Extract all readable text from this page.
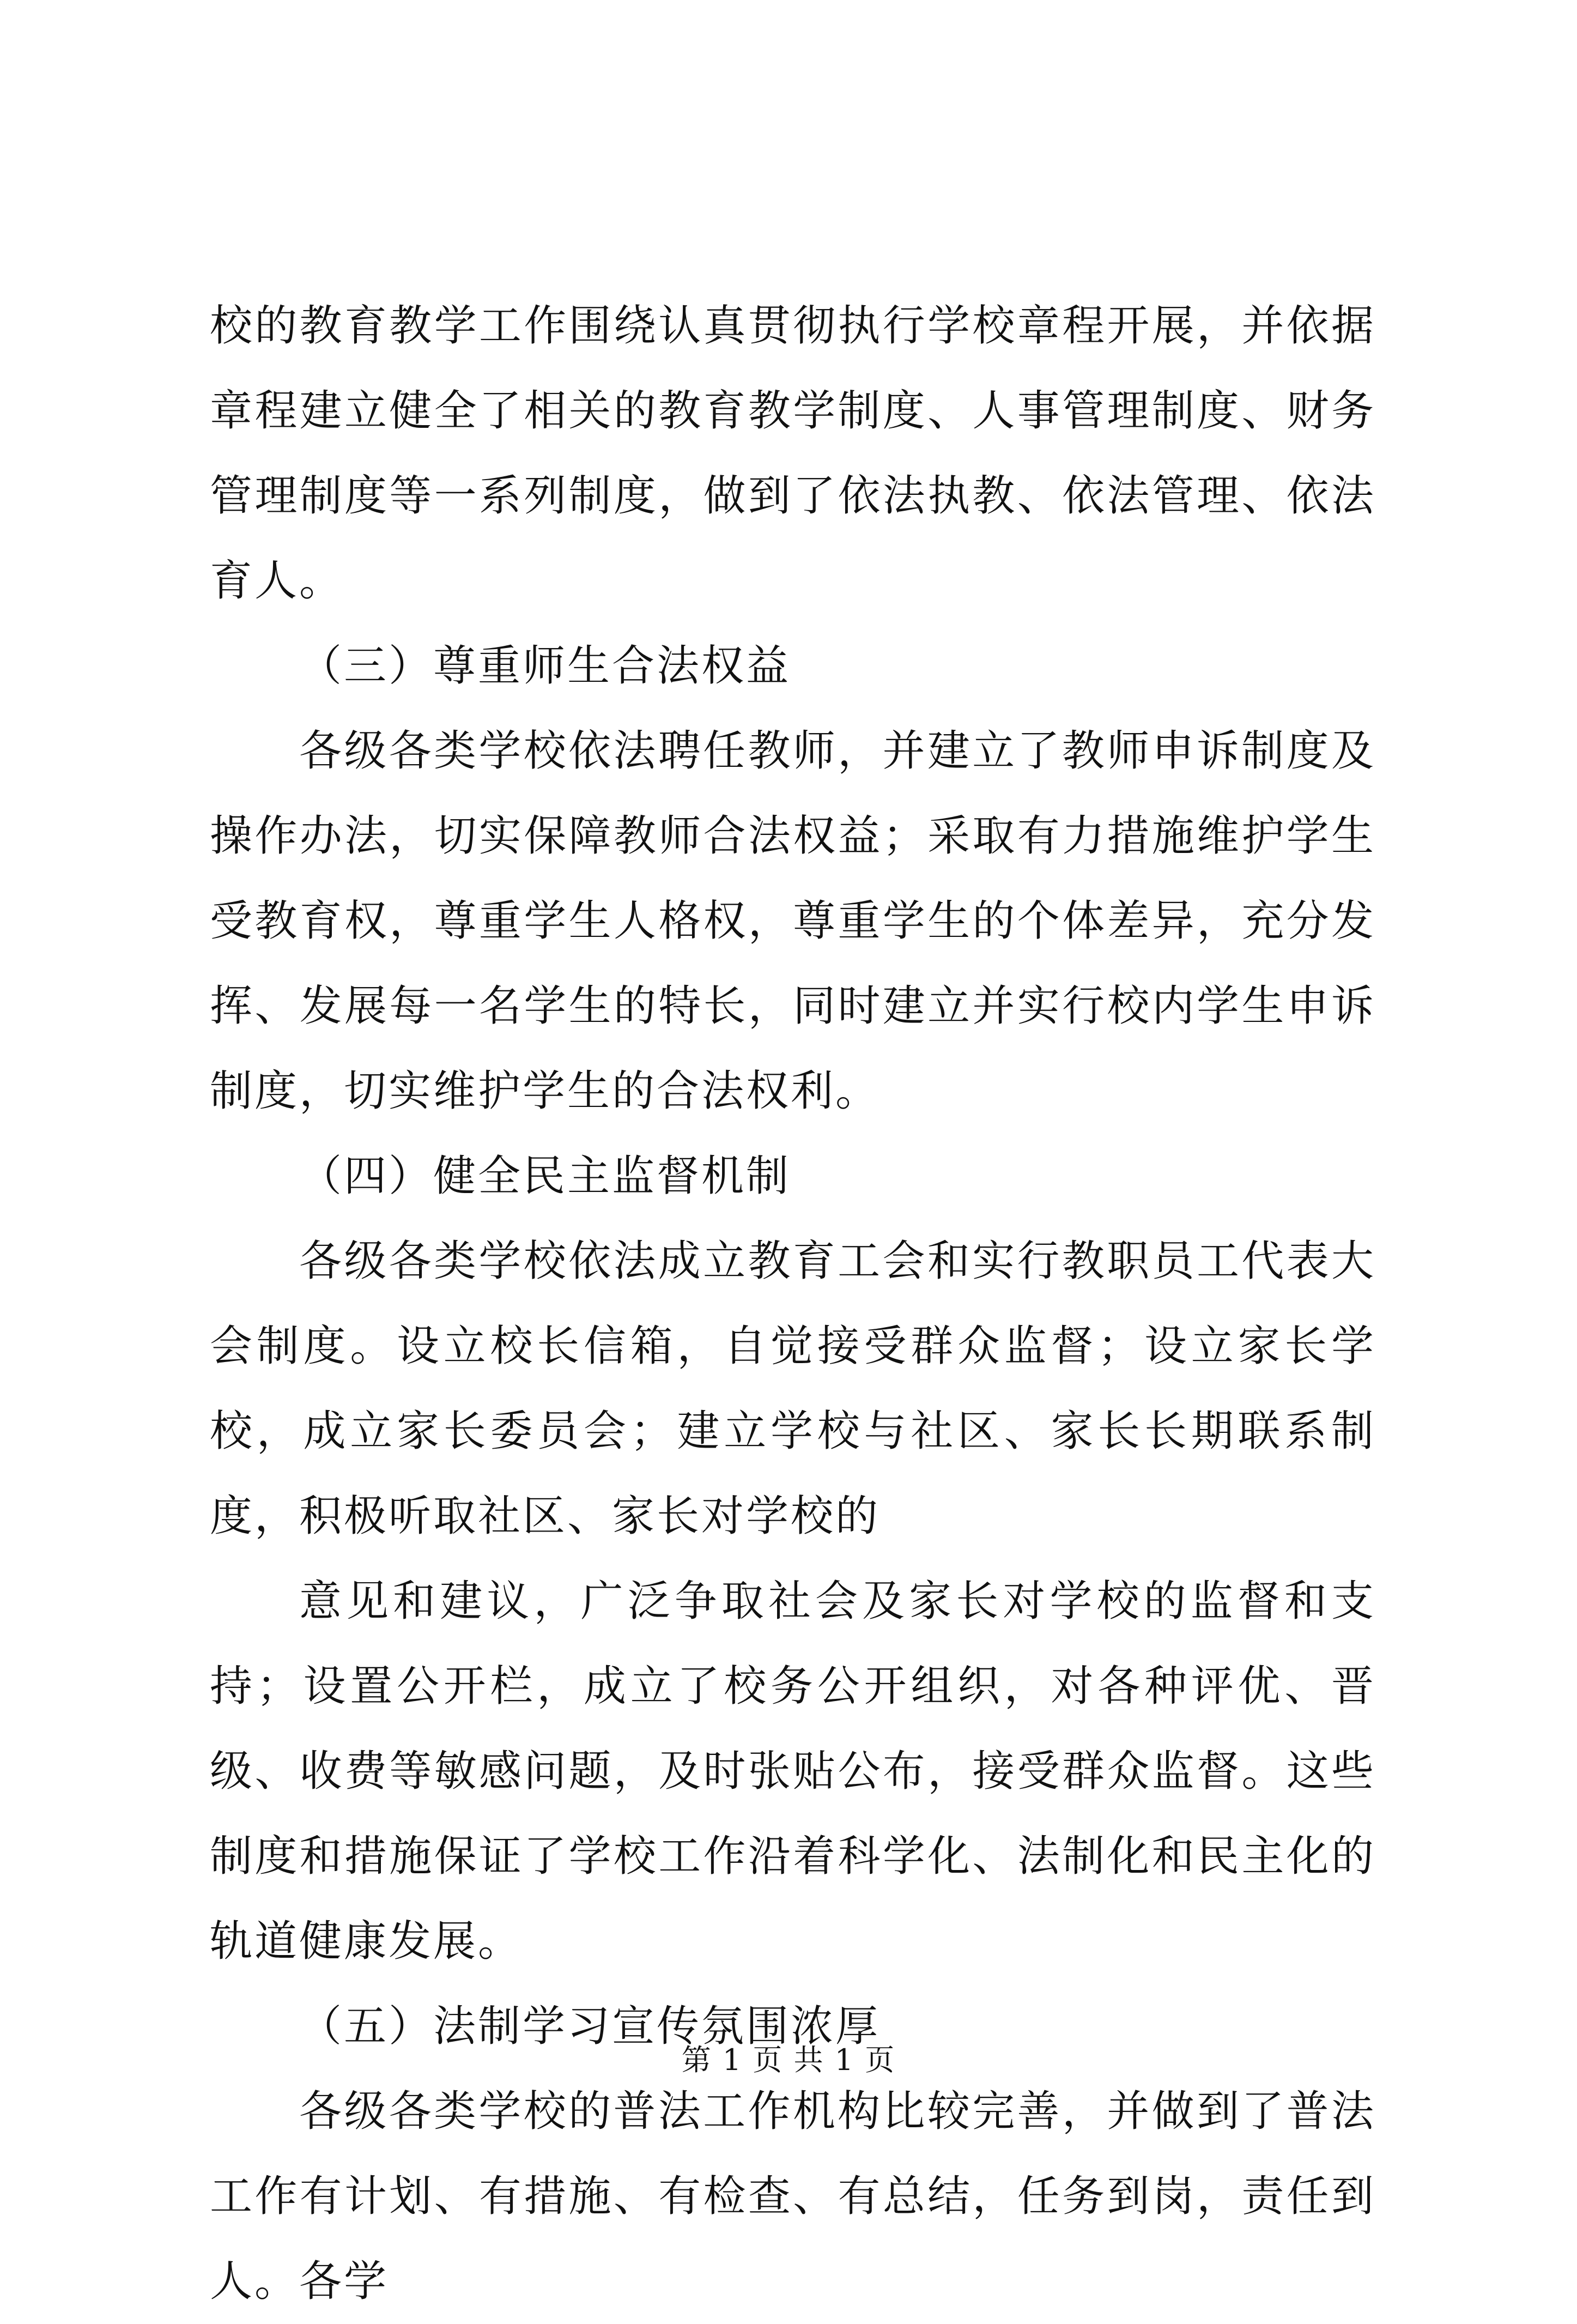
校的教育教学工作围绕认真贯彻执行学校章程开展，并依据章程建立健全了相关的教育教学制度、人事管理制度、财务管理制度等一系列制度，做到了依法执教、依法管理、依法育人。

（三）尊重师生合法权益

各级各类学校依法聘任教师，并建立了教师申诉制度及操作办法，切实保障教师合法权益；采取有力措施维护学生受教育权，尊重学生人格权，尊重学生的个体差异，充分发挥、发展每一名学生的特长，同时建立并实行校内学生申诉制度，切实维护学生的合法权利。

（四）健全民主监督机制

各级各类学校依法成立教育工会和实行教职员工代表大会制度。设立校长信箱，自觉接受群众监督；设立家长学校，成立家长委员会；建立学校与社区、家长长期联系制度，积极听取社区、家长对学校的

意见和建议，广泛争取社会及家长对学校的监督和支持；设置公开栏，成立了校务公开组织，对各种评优、晋级、收费等敏感问题，及时张贴公布，接受群众监督。这些制度和措施保证了学校工作沿着科学化、法制化和民主化的轨道健康发展。

（五）法制学习宣传氛围浓厚

各级各类学校的普法工作机构比较完善，并做到了普法工作有计划、有措施、有检查、有总结，任务到岗，责任到人。各学

第 1 页 共 1 页
